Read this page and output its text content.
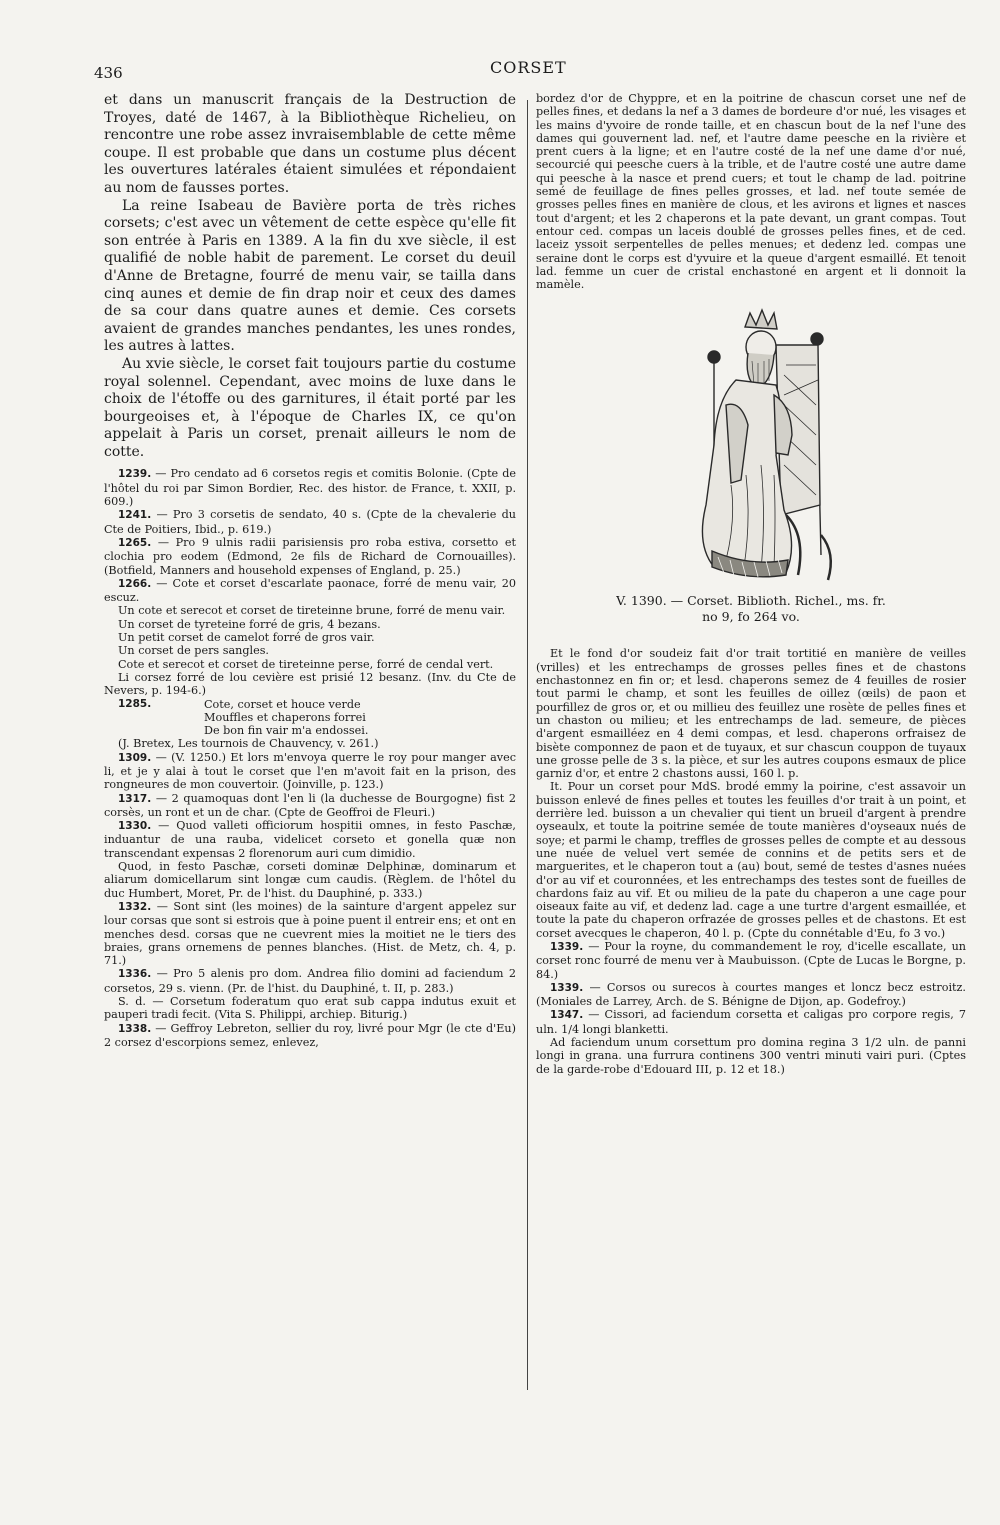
436	CORSET

et dans un manuscrit français de la Destruction de Troyes, daté de 1467, à la Bibliothèque Richelieu, on rencontre une robe assez invraisemblable de cette même coupe. Il est probable que dans un costume plus décent les ouvertures latérales étaient simulées et répondaient au nom de fausses portes.

La reine Isabeau de Bavière porta de très riches corsets; c'est avec un vêtement de cette espèce qu'elle fit son entrée à Paris en 1389. A la fin du xve siècle, il est qualifié de noble habit de parement. Le corset du deuil d'Anne de Bretagne, fourré de menu vair, se tailla dans cinq aunes et demie de fin drap noir et ceux des dames de sa cour dans quatre aunes et demie. Ces corsets avaient de grandes manches pendantes, les unes rondes, les autres à lattes.

Au xvie siècle, le corset fait toujours partie du costume royal solennel. Cependant, avec moins de luxe dans le choix de l'étoffe ou des garnitures, il était porté par les bourgeoises et, à l'époque de Charles IX, ce qu'on appelait à Paris un corset, prenait ailleurs le nom de cotte.

1239. — Pro cendato ad 6 corsetos regis et comitis Bolonie. (Cpte de l'hôtel du roi par Simon Bordier, Rec. des histor. de France, t. XXII, p. 609.)

1241. — Pro 3 corsetis de sendato, 40 s. (Cpte de la chevalerie du Cte de Poitiers, Ibid., p. 619.)

1265. — Pro 9 ulnis radii parisiensis pro roba estiva, corsetto et clochia pro eodem (Edmond, 2e fils de Richard de Cornouailles). (Botfield, Manners and household expenses of England, p. 25.)

1266. — Cote et corset d'escarlate paonace, forré de menu vair, 20 escuz.

Un cote et serecot et corset de tireteinne brune, forré de menu vair.

Un corset de tyreteine forré de gris, 4 bezans.

Un petit corset de camelot forré de gros vair.

Un corset de pers sangles.

Cote et serecot et corset de tireteinne perse, forré de cendal vert.

Li corsez forré de lou cevière est prisié 12 besanz. (Inv. du Cte de Nevers, p. 194-6.)

1285.	Cote, corset et houce verde

Mouffles et chaperons forrei

De bon fin vair m'a endossei.

(J. Bretex, Les tournois de Chauvency, v. 261.)

1309. — (V. 1250.) Et lors m'envoya querre le roy pour manger avec li, et je y alai à tout le corset que l'en m'avoit fait en la prison, des rongneures de mon couvertoir. (Joinville, p. 123.)

1317. — 2 quamoquas dont l'en li (la duchesse de Bourgogne) fist 2 corsès, un ront et un de char. (Cpte de Geoffroi de Fleuri.)

1330. — Quod valleti officiorum hospitii omnes, in festo Paschæ, induantur de una rauba, videlicet corseto et gonella quæ non transcendant expensas 2 florenorum auri cum dimidio.

Quod, in festo Paschæ, corseti dominæ Delphinæ, dominarum et aliarum domicellarum sint longæ cum caudis. (Règlem. de l'hôtel du duc Humbert, Moret, Pr. de l'hist. du Dauphiné, p. 333.)

1332. — Sont sint (les moines) de la sainture d'argent appelez sur lour corsas que sont si estrois que à poine puent il entreir ens; et ont en menches desd. corsas que ne cuevrent mies la moitiet ne le tiers des braies, grans ornemens de pennes blanches. (Hist. de Metz, ch. 4, p. 71.)

1336. — Pro 5 alenis pro dom. Andrea filio domini ad faciendum 2 corsetos, 29 s. vienn. (Pr. de l'hist. du Dauphiné, t. II, p. 283.)

S. d. — Corsetum foderatum quo erat sub cappa indutus exuit et pauperi tradi fecit. (Vita S. Philippi, archiep. Biturig.)

1338. — Geffroy Lebreton, sellier du roy, livré pour Mgr (le cte d'Eu) 2 corsez d'escorpions semez, enlevez,

bordez d'or de Chyppre, et en la poitrine de chascun corset une nef de pelles fines, et dedans la nef a 3 dames de bordeure d'or nué, les visages et les mains d'yvoire de ronde taille, et en chascun bout de la nef l'une des dames qui gouvernent lad. nef, et l'autre dame peesche en la rivière et prent cuers à la ligne; et en l'autre costé de la nef une dame d'or nué, secourcié qui peesche cuers à la trible, et de l'autre costé une autre dame qui peesche à la nasce et prend cuers; et tout le champ de lad. poitrine semé de feuillage de fines pelles grosses, et lad. nef toute semée de grosses pelles fines en manière de clous, et les avirons et lignes et nasces tout d'argent; et les 2 chaperons et la pate devant, un grant compas. Tout entour ced. compas un laceis doublé de grosses pelles fines, et de ced. laceiz yssoit serpentelles de pelles menues; et dedenz led. compas une seraine dont le corps est d'yvuire et la queue d'argent esmaillé. Et tenoit lad. femme un cuer de cristal enchastoné en argent et li donnoit la mamèle.

V. 1390. — Corset. Biblioth. Richel., ms. fr.

no 9, fo 264 vo.

Et le fond d'or soudeiz fait d'or trait tortitié en manière de veilles (vrilles) et les entrechamps de grosses pelles fines et de chastons enchastonnez en fin or; et lesd. chaperons semez de 4 feuilles de rosier tout parmi le champ, et sont les feuilles de oillez (œils) de paon et pourfillez de gros or, et ou millieu des feuillez une rosète de pelles fines et un chaston ou milieu; et les entrechamps de lad. semeure, de pièces d'argent esmailléez en 4 demi compas, et lesd. chaperons orfraisez de bisète componnez de paon et de tuyaux, et sur chascun couppon de tuyaux une grosse pelle de 3 s. la pièce, et sur les autres coupons esmaux de plice garniz d'or, et entre 2 chastons aussi, 160 l. p.

It. Pour un corset pour MdS. brodé emmy la poirine, c'est assavoir un buisson enlevé de fines pelles et toutes les feuilles d'or trait à un point, et derrière led. buisson a un chevalier qui tient un brueil d'argent à prendre oyseaulx, et toute la poitrine semée de toute manières d'oyseaux nués de soye; et parmi le champ, treffles de grosses pelles de compte et au dessous une nuée de veluel vert semée de connins et de petits sers et de marguerites, et le chaperon tout a (au) bout, semé de testes d'asnes nuées d'or au vif et couronnées, et les entrechamps des testes sont de fueilles de chardons faiz au vif. Et ou milieu de la pate du chaperon a une cage pour oiseaux faite au vif, et dedenz lad. cage a une turtre d'argent esmaillée, et toute la pate du chaperon orfrazée de grosses pelles et de chastons. Et est corset avecques le chaperon, 40 l. p. (Cpte du connétable d'Eu, fo 3 vo.)

1339. — Pour la royne, du commandement le roy, d'icelle escallate, un corset ronc fourré de menu ver à Maubuisson. (Cpte de Lucas le Borgne, p. 84.)

1339. — Corsos ou surecos à courtes manges et loncz becz estroitz. (Moniales de Larrey, Arch. de S. Bénigne de Dijon, ap. Godefroy.)

1347. — Cissori, ad faciendum corsetta et caligas pro corpore regis, 7 uln. 1/4 longi blanketti.

Ad faciendum unum corsettum pro domina regina 3 1/2 uln. de panni longi in grana. una furrura continens 300 ventri minuti vairi puri. (Cptes de la garde-robe d'Edouard III, p. 12 et 18.)
